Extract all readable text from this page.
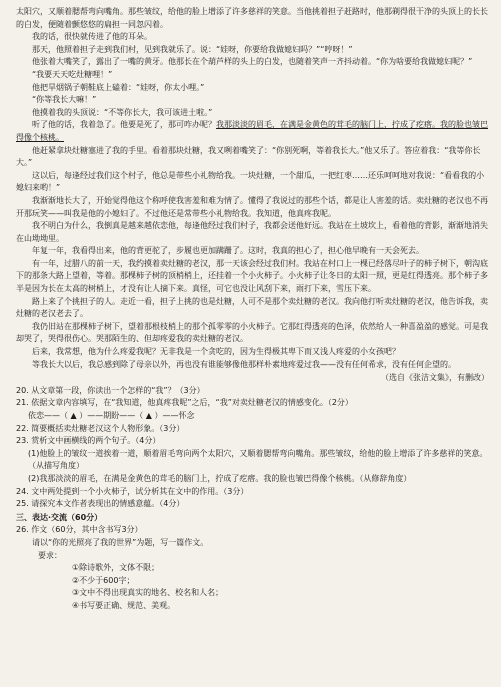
太阳穴，又顺着腮帮弯向嘴角。那些皱纹，给他的脸上增添了许多慈祥的笑意。当他挑着担子赶路时，他那剃得很干净的头顶上的长长的白发，便随着颤悠悠的扁担一同忽闪着。

我的话，很快就传进了他的耳朵。

那天，他照着担子走到我们村，见到我就乐了。说：“娃呀，你要给我做媳妇吗？”“哼呀！”

他张着大嘴笑了，露出了一嘴的黄牙。他那长在个葫芦样的头上的白发，也随着笑声一齐抖动着。“你为啥要给我做媳妇呢？”

“我要天天吃灶糖哩！”

他把旱烟锅子朝鞋底上磕着：“娃呀，你太小哩。”

“你等我长大嘛！”

他摸着我的头顶说：“不等你长大，我可该进土啦。”

听了他的话，我着急了。他要是死了，那可咋办呢？我那淡淡的眉毛，在满是金黄色的茸毛的脑门上，拧成了疙瘩。我的脸也皱巴得像个核桃。

他赶紧拿块灶糖塞进了我的手里。看着那块灶糖，我又咧着嘴笑了：“你别死啊，等着我长大。”他又乐了。答应着我：“我等你长大。”

这以后，每逢经过我们这个村子，他总是带些小礼物给我。一块灶糖，一个甜瓜，一把红枣……还乐呵呵地对我说：“看看我的小媳妇来哟！”

我渐渐地长大了，开始觉得他这个称呼使我害羞和难为情了。懂得了我说过的那些个话，都是让人害羞的话。卖灶糖的老汉也不再开那玩笑——叫我是他的小媳妇了。不过他还是常带些小礼物给我。我知道，他真疼我呢。

我不明白为什么，我倒真是越来越依恋他，每逢他经过我们村子，我都会送他好远。我站在土坡坎上，看着他的背影，渐渐地消失在山坳坳里。

年复一年，我看得出来，他的背更驼了，步履也更加蹒跚了。这时，我真的担心了，担心他早晚有一天会死去。

有一年，过腊八的前一天，我约摸着卖灶糖的老汉，那一天该会经过我们村。我站在村口上一棵已经落尽叶子的柿子树下，朝沟底下的那条大路上望着，等着。那棵柿子树的顶梢梢上，还挂着一个小火柿子。小火柿子让冬日的太阳一照，更是红得透亮。那个柿子多半是因为长在太高的树梢上，才没有让人摘下来。真怪，可它也没让风刮下来，雨打下来，雪压下来。

路上来了个挑担子的人。走近一看，担子上挑的也是灶糖，人可不是那个卖灶糖的老汉。我向他打听卖灶糖的老汉，他告诉我，卖灶糖的老汉老去了。

我仍旧站在那棵柿子树下，望着那根枝梢上的那个孤零零的小火柿子。它那红得透亮的色泽，依然给人一种喜盈盈的感觉。可是我却哭了，哭得很伤心。哭那陌生的、但却疼爱我的卖灶糖的老汉。

后来，我常想，他为什么疼爱我呢？无非我是一个贪吃的，因为生得极其卑下而又浅人疼爱的小女孩吧？

等我长大以后，我总感到除了母亲以外，再也没有谁能够像他那样朴素地疼爱过我——没有任何希求，没有任何企望的。

（选自《张洁文集》，有删改）

20. 从文章第一段，你读出一个怎样的“我”？（3分）

21. 依据文章内容填写，在“我知道，他真疼我呢”之后，“我”对卖灶糖老汉的情感变化。（2分）

依恋——（ ▲ ）——期盼——（ ▲ ）——怀念

22. 简要概括卖灶糖老汉这个人物形象。（3分）

23. 赏析文中画横线的两个句子。（4分）

(1)他脸上的皱纹一道挨着一道，顺着眉毛弯向两个太阳穴，又顺着腮帮弯向嘴角。那些皱纹，给他的脸上增添了许多慈祥的笑意。（从描写角度）

(2)我那淡淡的眉毛，在满是金黄色的茸毛的脑门上，拧成了疙瘩。我的脸也皱巴得像个核桃。（从修辞角度）

24. 文中两处提到一个小火柿子，试分析其在文中的作用。（3分）

25. 请探究本文作者表现出的情感意蕴。（4分）

三、表达·交流（60分）

26. 作文（60分，其中含书写3分）

请以“你的光照亮了我的世界”为题，写一篇作文。

要求：

①除诗歌外，文体不限；

②不少于600字；

③文中不得出现真实的地名、校名和人名；

④书写要正确、规范、美观。
